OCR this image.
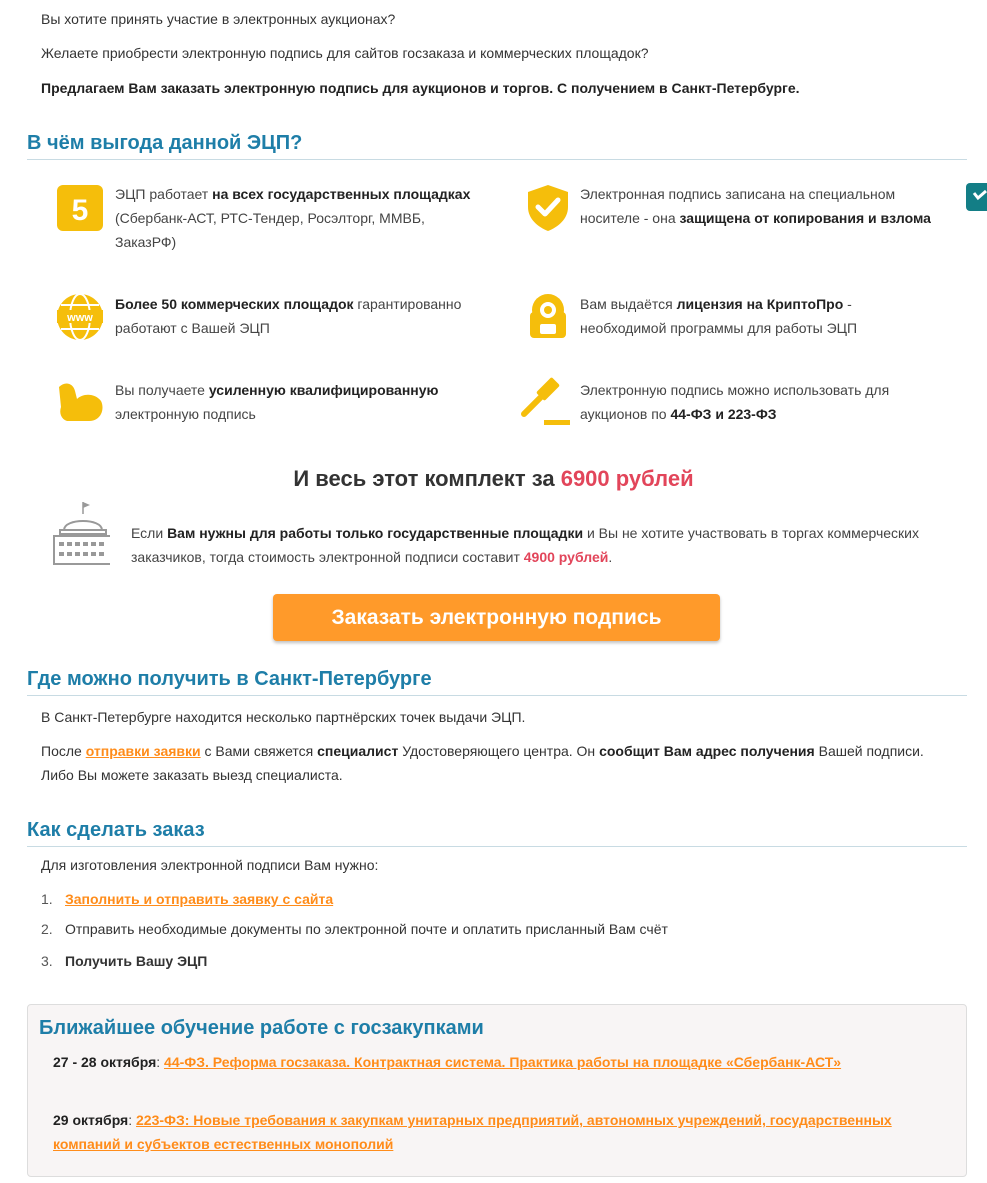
Вы хотите принять участие в электронных аукционах?

Желаете приобрести электронную подпись для сайтов госзаказа и коммерческих площадок?

Предлагаем Вам заказать электронную подпись для аукционов и торгов. С получением в Санкт-Петербурге.

В чём выгода данной ЭЦП?
5 ЭЦП работает на всех государственных площадках (Сбербанк-АСТ, РТС-Тендер, Росэлторг, ММВБ, ЗаказРФ)
Электронная подпись записана на специальном носителе - она защищена от копирования и взлома
www
Более 50 коммерческих площадок гарантированно работают с Вашей ЭЦП
Вам выдаётся лицензия на КриптоПро - необходимой программы для работы ЭЦП
Вы получаете усиленную квалифицированную электронную подпись
Электронную подпись можно использовать для аукционов по 44-ФЗ и 223-ФЗ
И весь этот комплект за 6900 рублей
Если Вам нужны для работы только государственные площадки и Вы не хотите участвовать в торгах коммерческих заказчиков, тогда стоимость электронной подписи составит 4900 рублей.
Заказать электронную подпись
Где можно получить в Санкт-Петербурге

В Санкт-Петербурге находится несколько партнёрских точек выдачи ЭЦП.

После отправки заявки с Вами свяжется специалист Удостоверяющего центра. Он сообщит Вам адрес получения Вашей подписи. Либо Вы можете заказать выезд специалиста.
Как сделать заказ

Для изготовления электронной подписи Вам нужно:

1. Заполнить и отправить заявку с сайта
2. Отправить необходимые документы по электронной почте и оплатить присланный Вам счёт
3. Получить Вашу ЭЦП
Ближайшее обучение работе с госзакупками
27 - 28 октября: 44-ФЗ. Реформа госзаказа. Контрактная система. Практика работы на площадке «Сбербанк-АСТ»
29 октября: 223-ФЗ: Новые требования к закупкам унитарных предприятий, автономных учреждений, государственных компаний и субъектов естественных монополий
